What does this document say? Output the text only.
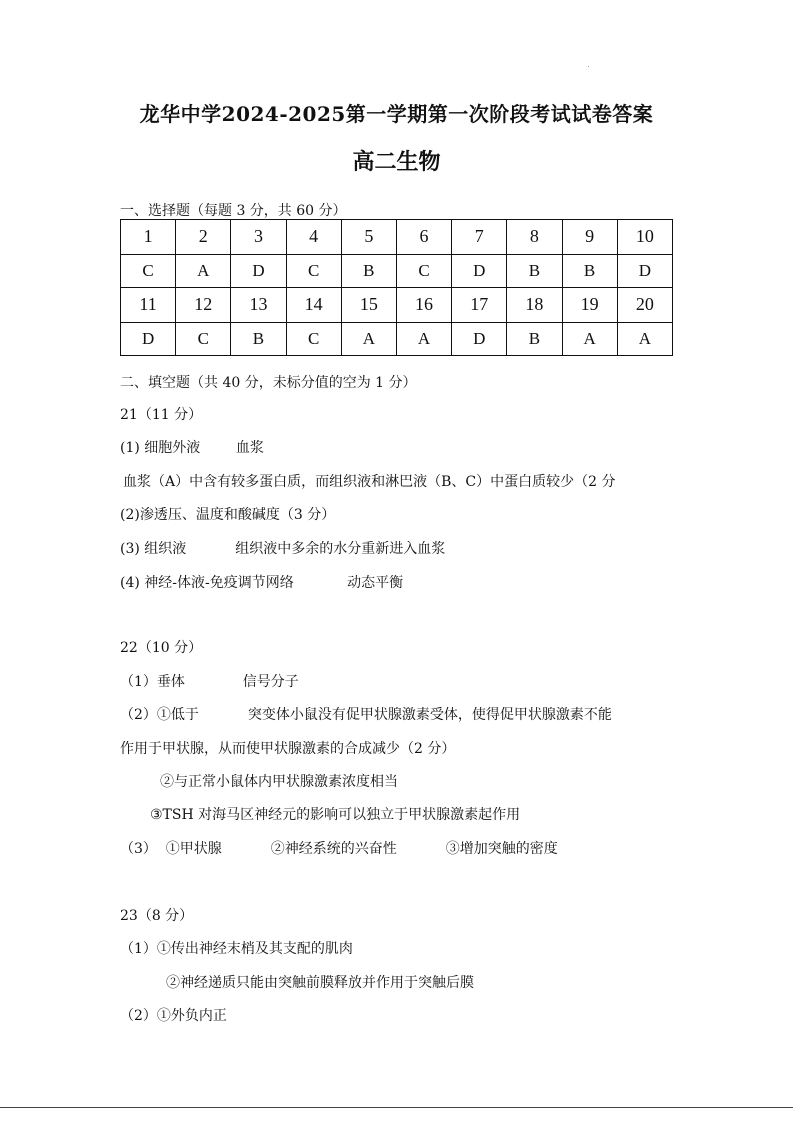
龙华中学2024-2025第一学期第一次阶段考试试卷答案
高二生物
一、选择题（每题 3 分，共 60 分）
1	2	3	4	5	6	7	8	9	10
C	A	D	C	B	C	D	B	B	D
11	12	13	14	15	16	17	18	19	20
D	C	B	C	A	A	D	B	A	A
二、填空题（共 40 分，未标分值的空为 1 分）
21（11 分）
(1) 细胞外液        血浆
血浆（A）中含有较多蛋白质，而组织液和淋巴液（B、C）中蛋白质较少（2 分
(2)渗透压、温度和酸碱度（3 分）
(3) 组织液           组织液中多余的水分重新进入血浆
(4) 神经-体液-免疫调节网络            动态平衡
22（10 分）
（1）垂体             信号分子
（2）①低于           突变体小鼠没有促甲状腺激素受体，使得促甲状腺激素不能
作用于甲状腺，从而使甲状腺激素的合成减少（2 分）
②与正常小鼠体内甲状腺激素浓度相当
③TSH 对海马区神经元的影响可以独立于甲状腺激素起作用
（3）  ①甲状腺           ②神经系统的兴奋性           ③增加突触的密度
23（8 分）
（1）①传出神经末梢及其支配的肌肉
②神经递质只能由突触前膜释放并作用于突触后膜
（2）①外负内正
